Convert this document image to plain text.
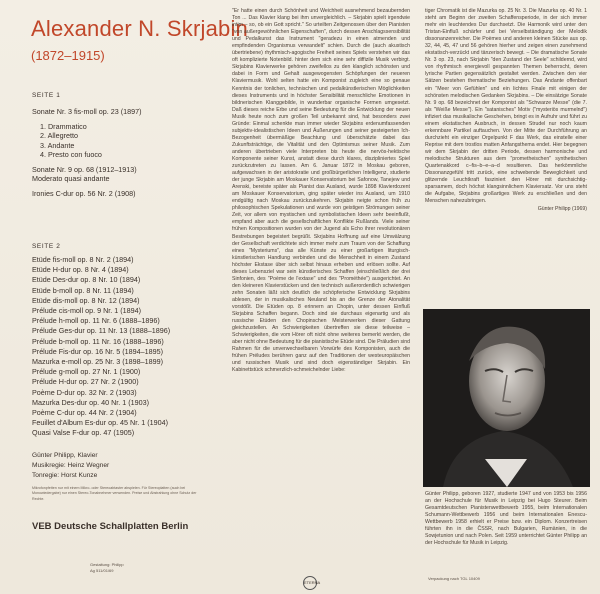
Alexander N. Skrjabin
(1872–1915)
SEITE 1
Sonate Nr. 3 fis-moll op. 23 (1897)
1. Drammatico
2. Allegretto
3. Andante
4. Presto con fuoco
Sonate Nr. 9 op. 68 (1912–1913)
Moderato quasi andante
Ironies C-dur op. 56 Nr. 2 (1908)
SEITE 2
Etüde fis-moll op. 8 Nr. 2 (1894)
Etüde H-dur op. 8 Nr. 4 (1894)
Etüde Des-dur op. 8 Nr. 10 (1894)
Etüde b-moll op. 8 Nr. 11 (1894)
Etüde dis-moll op. 8 Nr. 12 (1894)
Prélude cis-moll op. 9 Nr. 1 (1894)
Prélude h-moll op. 11 Nr. 6 (1888–1896)
Prélude Ges-dur op. 11 Nr. 13 (1888–1896)
Prélude b-moll op. 11 Nr. 16 (1888–1896)
Prélude Fis-dur op. 16 Nr. 5 (1894–1895)
Mazurka e-moll op. 25 Nr. 3 (1898–1899)
Prélude g-moll op. 27 Nr. 1 (1900)
Prélude H-dur op. 27 Nr. 2 (1900)
Poème D-dur op. 32 Nr. 2 (1903)
Mazurka Des-dur op. 40 Nr. 1 (1903)
Poème C-dur op. 44 Nr. 2 (1904)
Feuillet d'Album Es-dur op. 45 Nr. 1 (1904)
Quasi Valse F-dur op. 47 (1905)
Günter Philipp, Klavier
Musikregie: Heinz Wegner
Tonregie: Horst Kunze
Mikrofonpfetten nur mit einem Mikro- oder Stereoabtaster abspielen. Für Stereoplatten (auch bei Monowiedergabe) nur einen Stereo-Tonabnehmer verwenden. Preise und Abstrahlung ohne Schutz der Rechte.
VEB Deutsche Schallplatten Berlin
Gestaltung: Philipp
Ag 511/01/69
"Er hatte einen durch Schönheit und Weichheit ausnehmend bezaubernden Ton ... Das Klavier klang bei ihm unvergleichlich. – Skrjabin spielt irgendwie intim – so, ob ein Gott spricht." So urteilten Zeitgenossen über den Pianisten "von außergewöhnlichen Eigenschaften", durch dessen Anschlagssensibilität und Pedalkunst das Instrument "geradezu in einen atmenden und empfindenden Organismus verwandelt" schien. Durch die (auch akustisch übertriebene) rhythmisch-agogische Freiheit seines Spiels verstehen wir das oft komplizierte Notenbild. hinter dem sich eine sehr diffizile Musik verbirgt. Skrjabins Klavierwerke gehören zweifellos zu den klanglich schönsten und dabei in Form und Gehalt ausgewogensten Schöpfungen der neueren Klaviermusik. Wohl selten hatte ein Komponist zugleich eine so genaue Kenntnis der tonlichen, technischen und pedalkünstlerischen Möglichkeiten dieses Instruments und in höchster Sensibilität menschliche Emotionen in bildnerischen Klanggebilde, in wunderbar organische Formen umgesetzt. Daß dieses reiche Erbe und seine Bedeutung für die Entwicklung der neuen Musik heute noch zum großen Teil unbekannt sind, hat besonders zwei Gründe: Einmal schenkte man immer wieder Skrjabins erdenumfassenden subjektiv-idealistischen Ideen und Äußerungen und seiner gesteigerten Ich-Bezogenheit übermäßige Beachtung und überschätzte dabei das Zukunftsträchtige, die Vitalität und den Optimismus seiner Musik. Zum anderen übertrieben viele Interpreten bis heute die nervös-hektische Komponente seiner Kunst, anstatt diese durch klares, diszipliniertes Spiel zurückzutreten zu lassen. Am 6. Januar 1872 in Moskau geboren, aufgewachsen in der aristokratie und großbürgerlichen Intelligenz, studierte der junge Skrjabin am Moskauer Konservatorium bei Safonow, Tanejew und Arenski, bereiste später als Pianist das Ausland, wurde 1898 Klavierdozent am Moskauer Konservatorium, ging später wieder ins Ausland, um 1910 endgültig nach Moskau zurückzukehren. Skrjabin neigte schon früh zu philosophischen Spekulationen und wurde von geistigen Strömungen seiner Zeit, vor allem von mystischen und symbolistischen Ideen sehr beeinflußt, empfand aber auch die gesellschaftlichen Konflikte Rußlands. Viele seiner frühen Kompositionen wurden von der Jugend als Echo ihrer revolutionären Bestrebungen begeistert begrüßt. Skrjabins Hoffnung auf eine Umwälzung der Gesellschaft verdichtete sich immer mehr zum Traum von der Schaffung eines "Mysteriums", das alle Künste zu einer großartigen liturgisch-künstlerischen Handlung verbinden und die Menschheit in einem Zustand höchster Ekstase über sich selbst hinaus erheben und erlösen sollte. Auf dieses Lebensziel war sein künstlerisches Schaffen (einschließlich der drei Sinfonien, des "Poème de l'extase" und des "Prométhée") ausgerichtet. An den kleineren Klavierstücken und den technisch außerordentlich schwierigen zehn Sonaten läßt sich deutlich die schöpferische Entwicklung Skrjabins ablesen, der in musikalisches Neuland bis an die Grenze der Atonalität vorstößt. Die Etüden op. 8 erinnern an Chopin, unter dessen Einfluß Skrjabins Schaffen begann. Doch sind sie durchaus eigenartig und als russische Etüden den Chopinschen Meisterwerken dieser Gattung gleichzustellen. An Schwierigkeiten übertreffen sie diese teilweise – Schwierigkeiten, die vom Hörer oft nicht ohne weiteres bemerkt werden, die aber nicht ohne Bedeutung für die pianistische Etüde sind. Die Präludien sind Rahmen für die unverwechselbaren Vorwürfe des Komponisten, auch die frühen Préludes berühren ganz auf den Traditionen der westeuropäischen und russischen Musik und sind doch eigenständiger Skrjabin. Ein Kabinettstück schmerzlich-schmeichelnder Liebe:
tiger Chromatik ist die Mazurka op. 25 Nr. 3. Die Mazurka op. 40 Nr. 1 steht am Beginn der zweiten Schaffensperiode, in der sich immer mehr ein leuchtendes Dur durchsetzt. Die Harmonik wird unter den Tristan-Einfluß schärfer und bei Verselbständigung der Melodik dissonanzenreicher. Die Poèmes und anderen kleinen Stücke aus op. 32, 44, 45, 47 und 56 gehören hierher und zeigen einen zunehmend ekstatisch-verzückt und tänzerisch bewegt. – Die dramatische Sonate Nr. 3 op. 23, nach Skrjabin "den Zustand der Seele" schildernd, wird von rhythmisch energievoll gespannten Themen beherrscht, deren lyrische Partien gegensätzlich gestaltet werden. Zwischen den vier Sätzen bestehen thematische Beziehungen. Das Andante offenbart ein "Meer von Gefühlen" und ein lichtes Finale mit einigen der schönsten melodischen Gedanken Skrjabins. – Die einsätzige Sonate Nr. 9 op. 68 bezeichnet der Komponist als "Schwarze Messe" (die 7. als "Weiße Messe"). Ein "satanisches" Motiv ("mysteriös murmelnd") infiziert das musikalische Geschehen, bringt es in Aufruhr und führt zu einem ekstatischen Ausbruch, in dessen Strudel nur noch kaum erkennbare Partikel auftauchen. Von der Mitte der Durchführung an durchzieht ein einziger Orgelpunkt F das Werk, das einstelle einer Reprise mit dem trostlos matten Anfangsthema endet. Hier begegnen wir dem Skrjabin der dritten Periode, dessen harmonische und melodische Strukturen aus dem "prometheischen" synthetischen Quartenakkord c–fis–b–e–a–d resultieren. Das herkömmliche Dissonanzgefühl tritt zurück, eine schwebende Beweglichkeit und glitzernde Leuchtkraft fasziniert den Hörer mit durchsichtig-sparsamem, doch höchst klangsinnlichem Klaviersatz. Vor uns steht die Aufgabe, Skrjabins großartiges Werk zu erschließen und den Menschen nahezubringen.
Günter Philipp (1969)
Günter Philipp, geboren 1927, studierte 1947 und von 1953 bis 1956 an der Hochschule für Musik in Leipzig bei Hugo Steurer. Beim Gesamtdeutschen Pianistenwettbewerb 1955, beim Internationalen Schumann-Wettbewerb 1956 und beim Internationalen Enescu-Wettbewerb 1958 erhielt er Preise bzw. ein Diplom. Konzertreisen führten ihn in die ČSSR, nach Bulgarien, Rumänien, in die Sowjetunion und nach Polen. Seit 1959 unterrichtet Günter Philipp an der Hochschule für Musik in Leipzig.
ETERNA
Verpackung nach TGL 10409
